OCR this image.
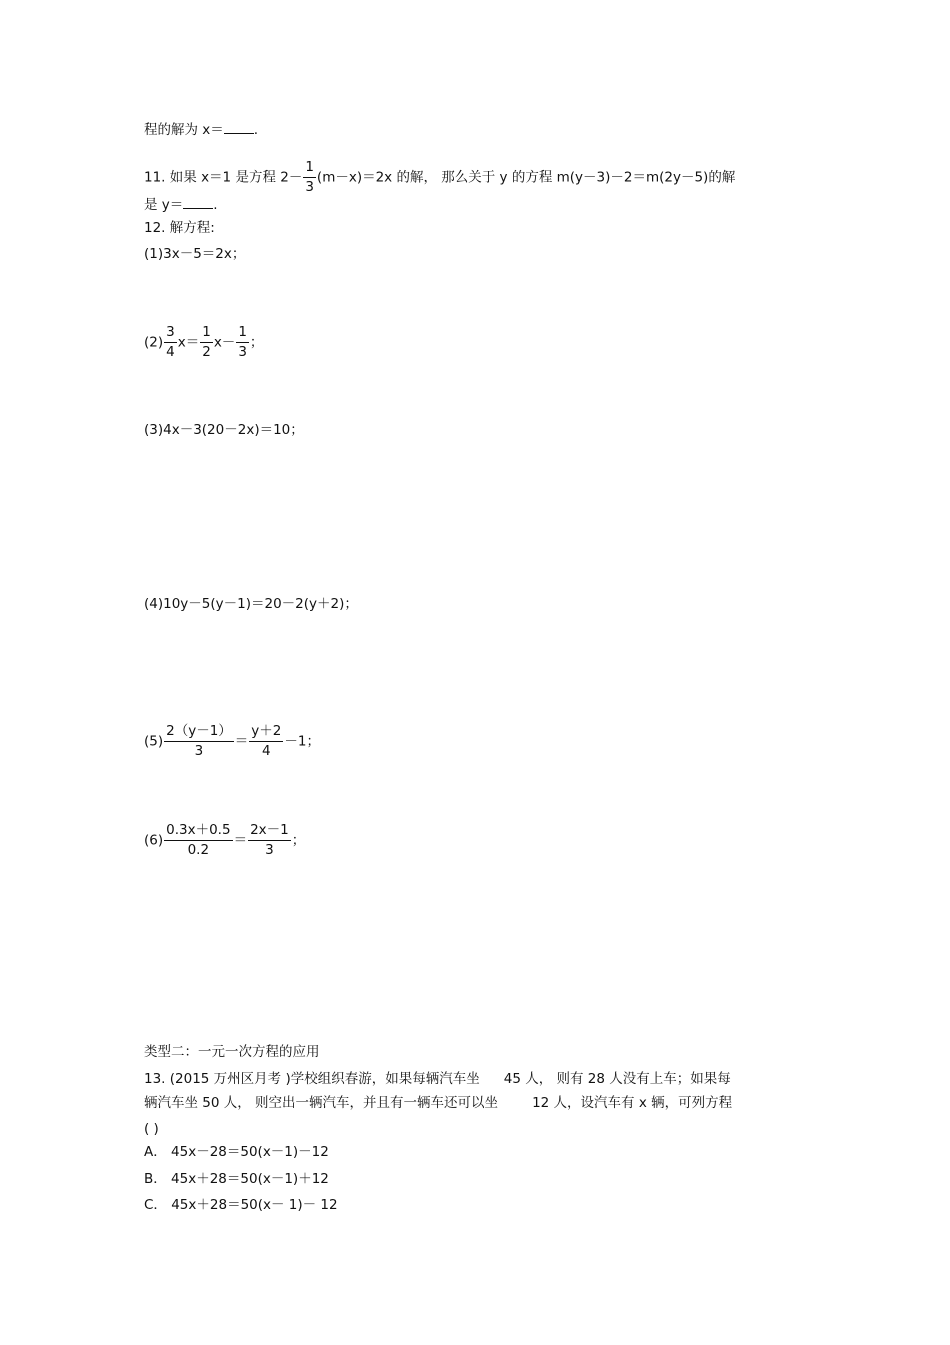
程的解为 x＝ .
11. 如果 x＝1 是方程 $2- \frac{1}{3} (m-x)=2x$ 的解， 那么关于 y 的方程 m(y－3)－2＝m(2y－5)的解
是 y＝ .
12. 解方程:
(1)3x－5＝2x；
$(2) \frac{3}{4} x= \frac{1}{2} x- \frac{1}{3}$ ；
(3)4x－3(20－2x)＝10；
(4)10y－5(y－1)＝20－2(y＋2)；
$(5) \frac{2(y-1)}{3} = \frac{y+2}{4} -1$；
$(6) \frac{0.3x+0.5}{0.2} = \frac{2x-1}{3}$ ；
类型二：一元一次方程的应用
13. (2015 万州区月考 )学校组织春游，如果每辆汽车坐 45 人， 则有 28 人没有上车；如果每
辆汽车坐 50 人， 则空出一辆汽车，并且有一辆车还可以坐	12 人，设汽车有 x 辆，可列方程
( )
A． 45x－28＝50(x－1)－12
B． 45x＋28＝50(x－1)＋12
C． 45x＋28＝50(x－ 1)－ 12
